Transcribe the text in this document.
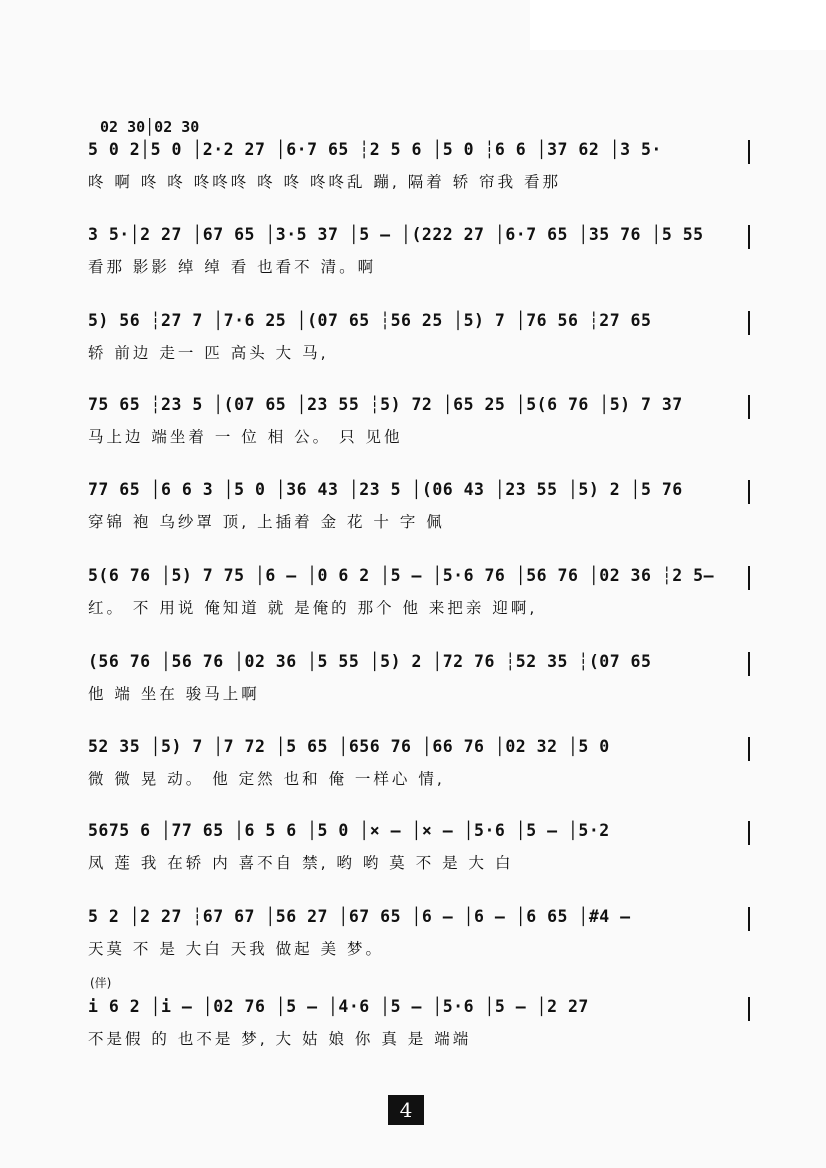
5 0 2│5 0 │2·2 27 │6·7 65 ┆2 5 6 │5 0 ┆6 6 │37 62 │3 5·
咚 啊 咚 咚 咚咚咚 咚 咚 咚咚乱 蹦, 隔着 轿 帘我 看那
02 30│02 30
3 5·│2 27 │67 65 │3·5 37 │5 — │(222 27 │6·7 65 │35 76 │5 55
看那 影影 绰 绰 看 也看不 清。啊
5) 56 ┆27 7 │7·6 25 │(07 65 ┆56 25 │5) 7 │76 56 ┆27 65
轿 前边 走一 匹 高头 大 马,
75 65 ┆23 5 │(07 65 │23 55 ┆5) 72 │65 25 │5(6 76 │5) 7 37
马上边 端坐着 一 位 相 公。 只 见他
77 65 │6 6 3 │5 0 │36 43 │23 5 │(06 43 │23 55 │5) 2 │5 76
穿锦 袍 乌纱罩 顶, 上插着 金 花 十 字 佩
5(6 76 │5) 7 75 │6 — │0 6 2 │5 — │5·6 76 │56 76 │02 36 ┆2 5—
红。 不 用说 俺知道 就 是俺的 那个 他 来把亲 迎啊,
(56 76 │56 76 │02 36 │5 55 │5) 2 │72 76 ┆52 35 ┆(07 65
他 端 坐在 骏马上啊
52 35 │5) 7 │7 72 │5 65 │656 76 │66 76 │02 32 │5 0
微 微 晃 动。 他 定然 也和 俺 一样心 情,
5675 6 │77 65 │6 5 6 │5 0 │× — │× — │5·6 │5 — │5·2
凤 莲 我 在轿 内 喜不自 禁, 哟 哟 莫 不 是 大 白
5 2 │2 27 ┆67 67 │56 27 │67 65 │6 — │6 — │6 65 │#4 —
天莫 不 是 大白 天我 做起 美 梦。
i 6 2 │i — │02 76 │5 — │4·6 │5 — │5·6 │5 — │2 27
不是假 的 也不是 梦, 大 姑 娘 你 真 是 端端
(伴)
4
